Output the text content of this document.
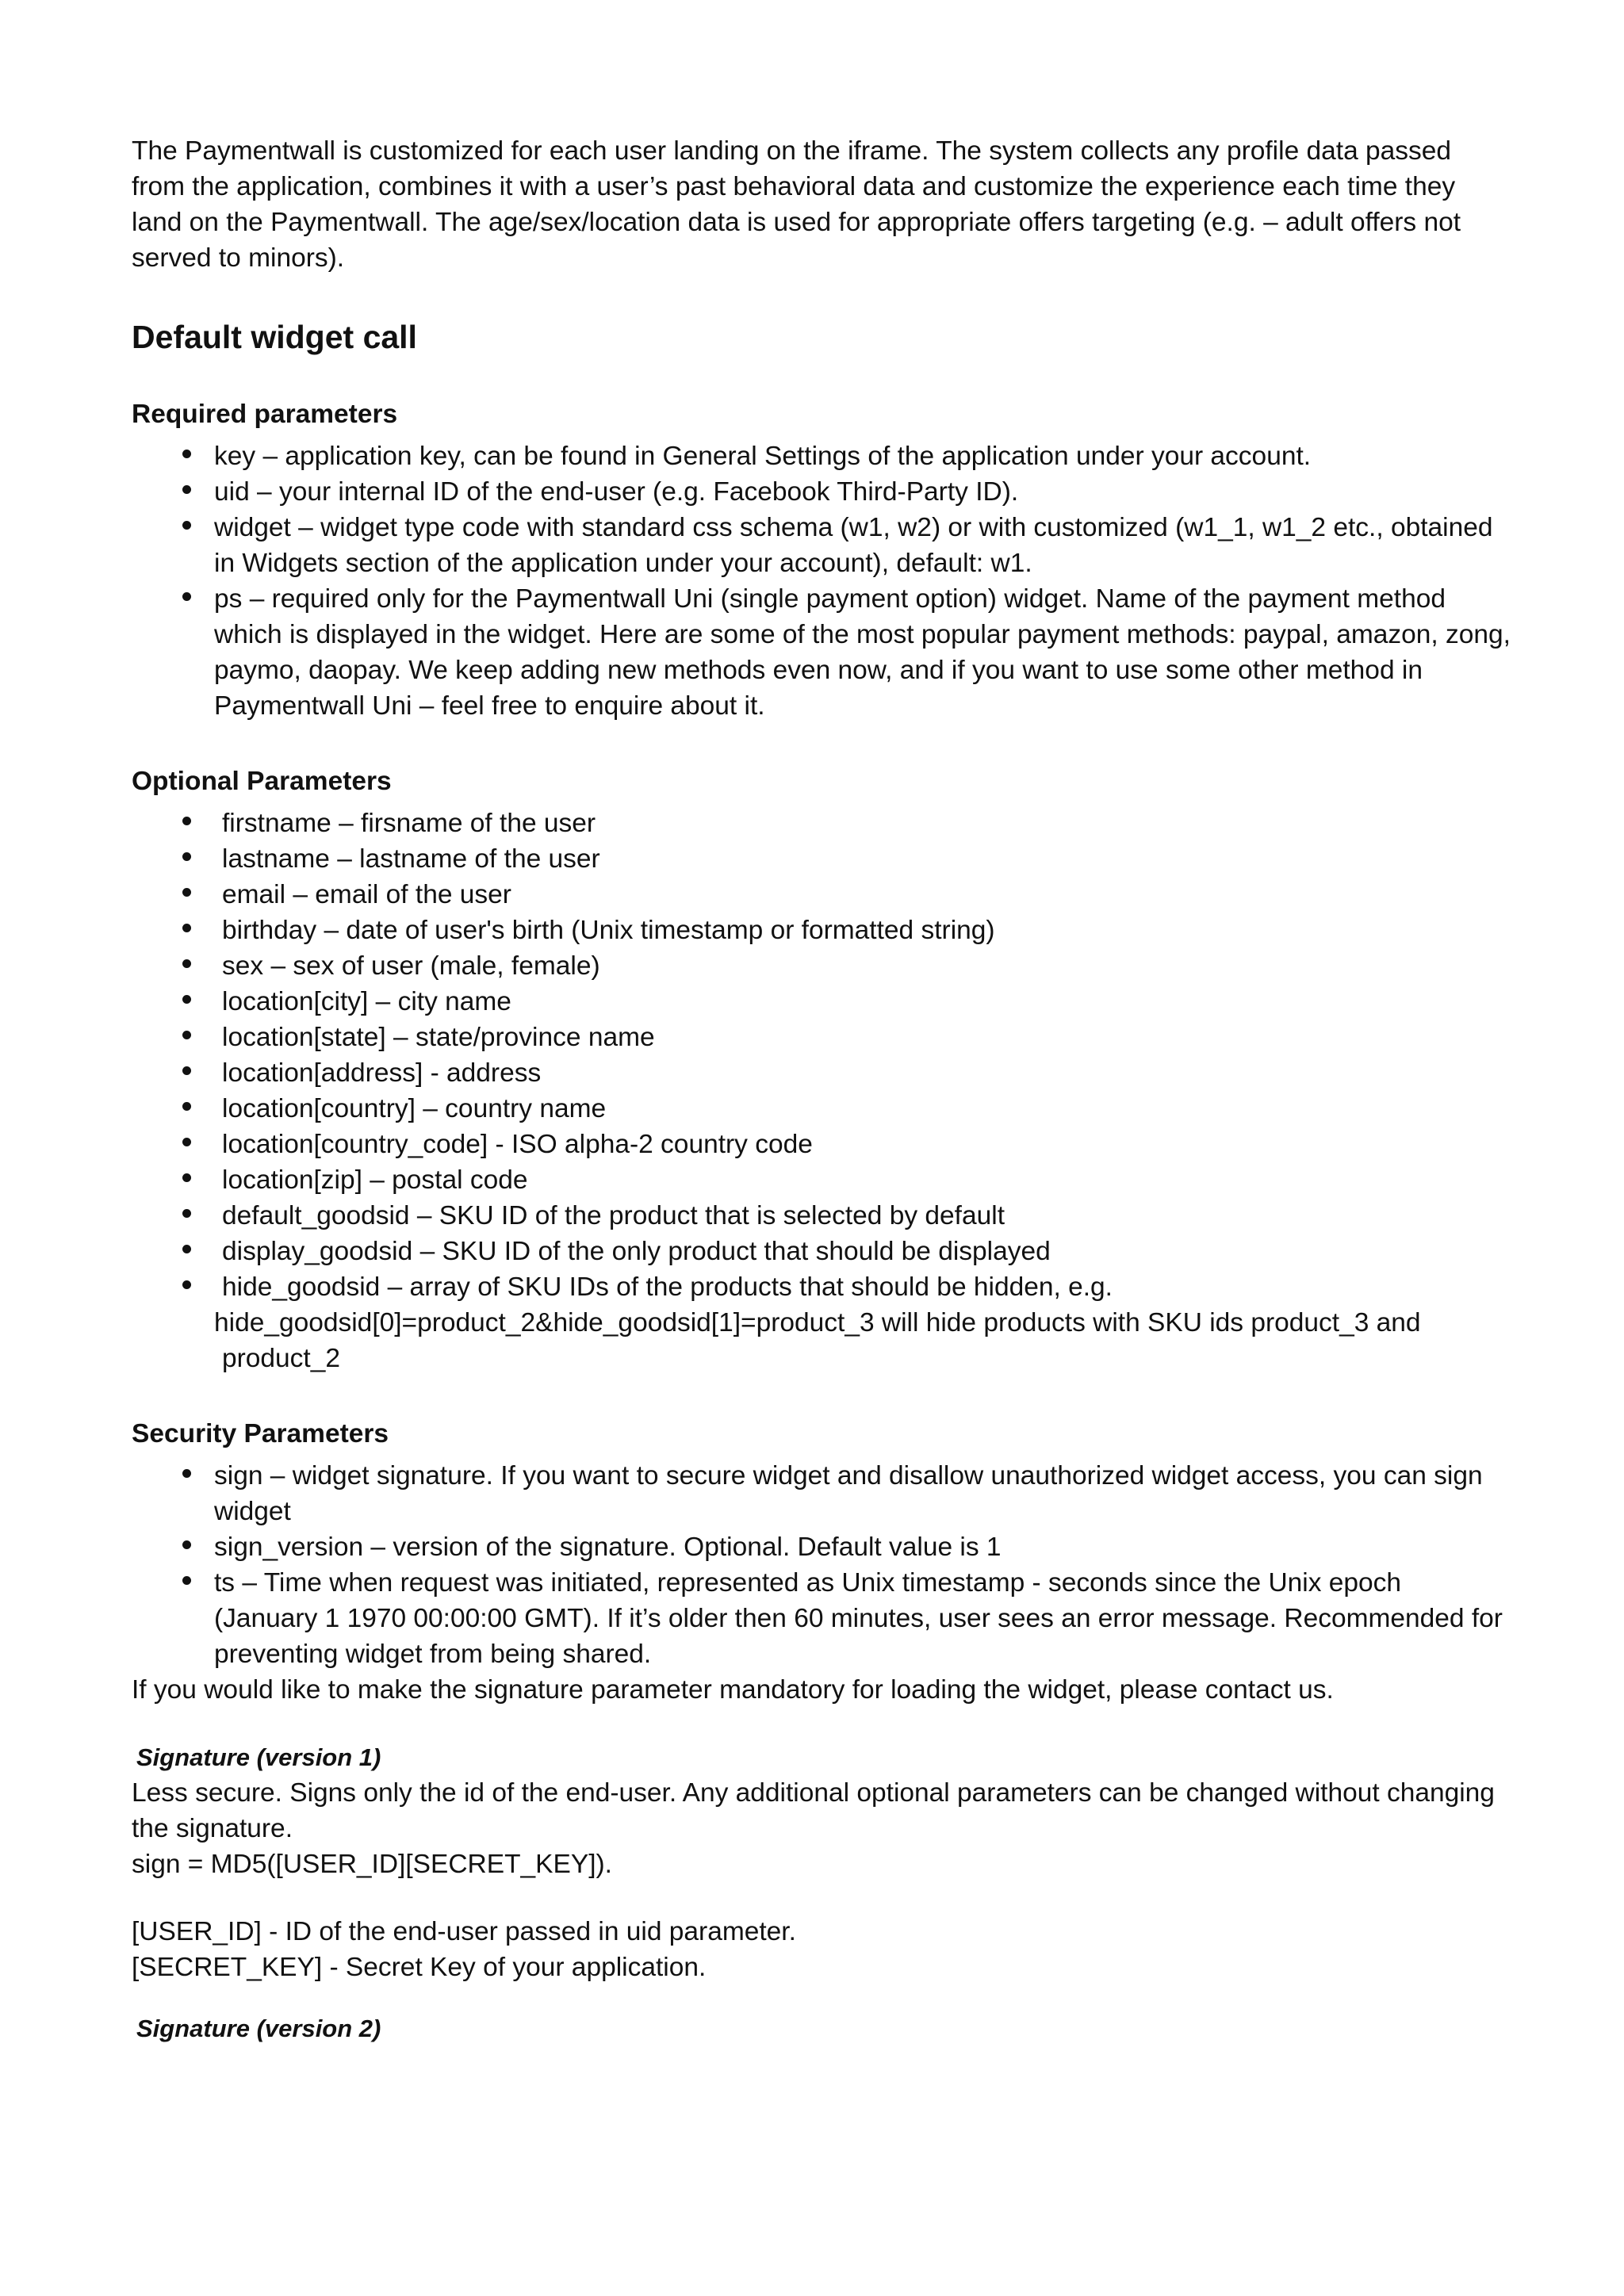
The Paymentwall is customized for each user landing on the iframe. The system collects any profile data passed from the application, combines it with a user’s past behavioral data and customize the experience each time they land on the Paymentwall. The age/sex/location data is used for appropriate offers targeting (e.g. – adult offers not served to minors).

Default widget call
Required parameters
key – application key, can be found in General Settings of the application under your account.
uid – your internal ID of the end-user (e.g. Facebook Third-Party ID).
widget – widget type code with standard css schema (w1, w2) or with customized (w1_1, w1_2 etc., obtained in Widgets section of the application under your account), default: w1.
ps – required only for the Paymentwall Uni (single payment option) widget. Name of the payment method which is displayed in the widget. Here are some of the most popular payment methods: paypal, amazon, zong, paymo, daopay. We keep adding new methods even now, and if you want to use some other method in Paymentwall Uni – feel free to enquire about it.
Optional Parameters
firstname – firsname of the user
lastname – lastname of the user
email – email of the user
birthday – date of user's birth (Unix timestamp or formatted string)
sex – sex of user (male, female)
location[city] – city name
location[state] – state/province name
location[address] - address
location[country] – country name
location[country_code] - ISO alpha-2 country code
location[zip] – postal code
default_goodsid – SKU ID of the product that is selected by default
display_goodsid – SKU ID of the only product that should be displayed
hide_goodsid – array of SKU IDs of the products that should be hidden, e.g.
hide_goodsid[0]=product_2&hide_goodsid[1]=product_3 will hide products with SKU ids product_3 and product_2
Security Parameters
sign – widget signature. If you want to secure widget and disallow unauthorized widget access, you can sign widget
sign_version – version of the signature. Optional. Default value is 1
ts – Time when request was initiated, represented as Unix timestamp - seconds since the Unix epoch (January 1 1970 00:00:00 GMT). If it’s older then 60 minutes, user sees an error message. Recommended for preventing widget from being shared.

If you would like to make the signature parameter mandatory for loading the widget, please contact us.

Signature (version 1)

Less secure. Signs only the id of the end-user. Any additional optional parameters can be changed without changing the signature.

sign = MD5([USER_ID][SECRET_KEY]).

[USER_ID] - ID of the end-user passed in uid parameter.

[SECRET_KEY] - Secret Key of your application.

Signature (version 2)
